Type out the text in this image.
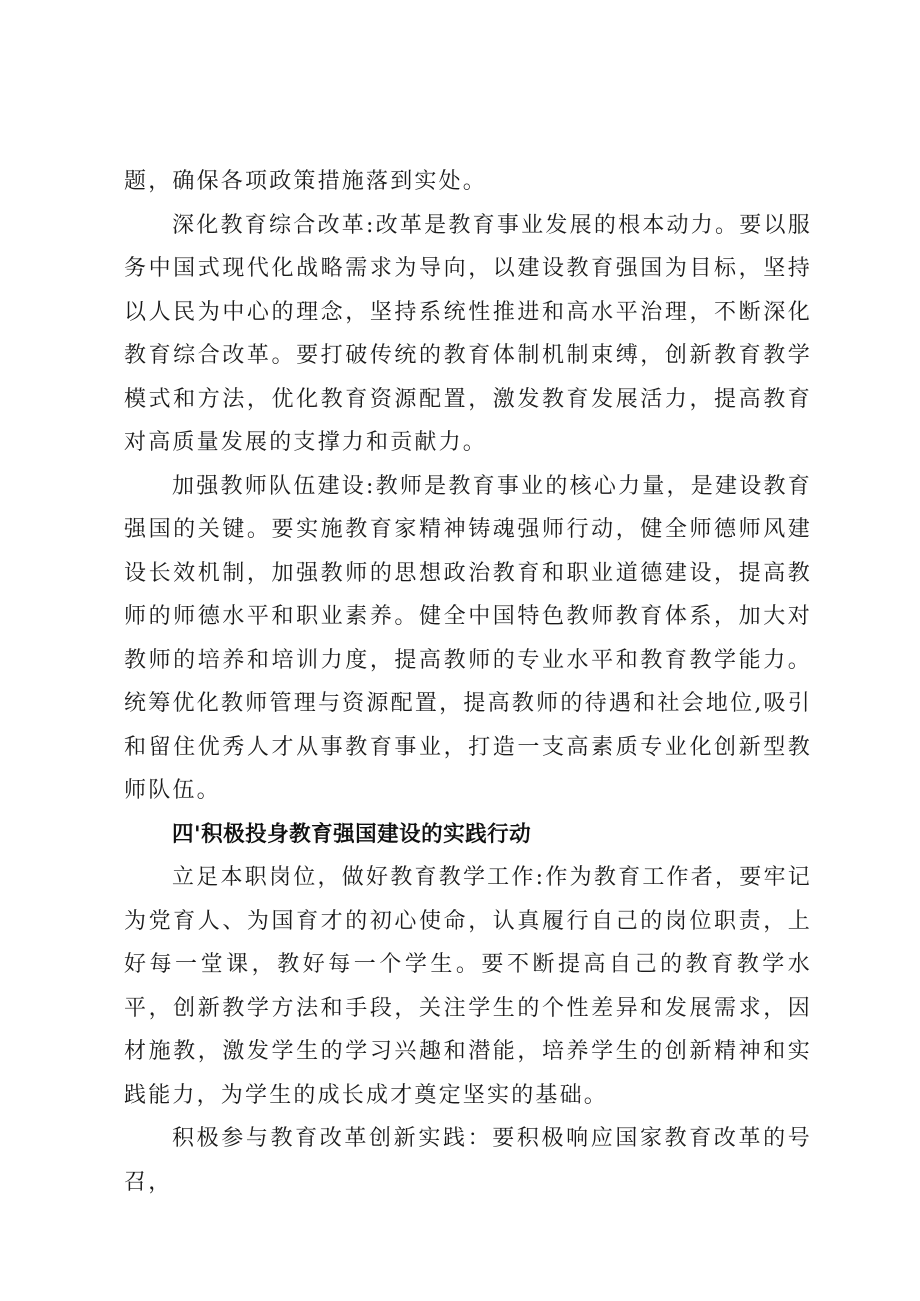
题，确保各项政策措施落到实处。

深化教育综合改革:改革是教育事业发展的根本动力。要以服务中国式现代化战略需求为导向，以建设教育强国为目标，坚持以人民为中心的理念，坚持系统性推进和高水平治理，不断深化教育综合改革。要打破传统的教育体制机制束缚，创新教育教学模式和方法，优化教育资源配置，激发教育发展活力，提高教育对高质量发展的支撑力和贡献力。

加强教师队伍建设:教师是教育事业的核心力量，是建设教育强国的关键。要实施教育家精神铸魂强师行动，健全师德师风建设长效机制，加强教师的思想政治教育和职业道德建设，提高教师的师德水平和职业素养。健全中国特色教师教育体系，加大对教师的培养和培训力度，提高教师的专业水平和教育教学能力。统筹优化教师管理与资源配置，提高教师的待遇和社会地位,吸引和留住优秀人才从事教育事业，打造一支高素质专业化创新型教师队伍。

四'积极投身教育强国建设的实践行动

立足本职岗位，做好教育教学工作:作为教育工作者，要牢记为党育人、为国育才的初心使命，认真履行自己的岗位职责，上好每一堂课，教好每一个学生。要不断提高自己的教育教学水平，创新教学方法和手段，关注学生的个性差异和发展需求，因材施教，激发学生的学习兴趣和潜能，培养学生的创新精神和实践能力，为学生的成长成才奠定坚实的基础。

积极参与教育改革创新实践：要积极响应国家教育改革的号召，
